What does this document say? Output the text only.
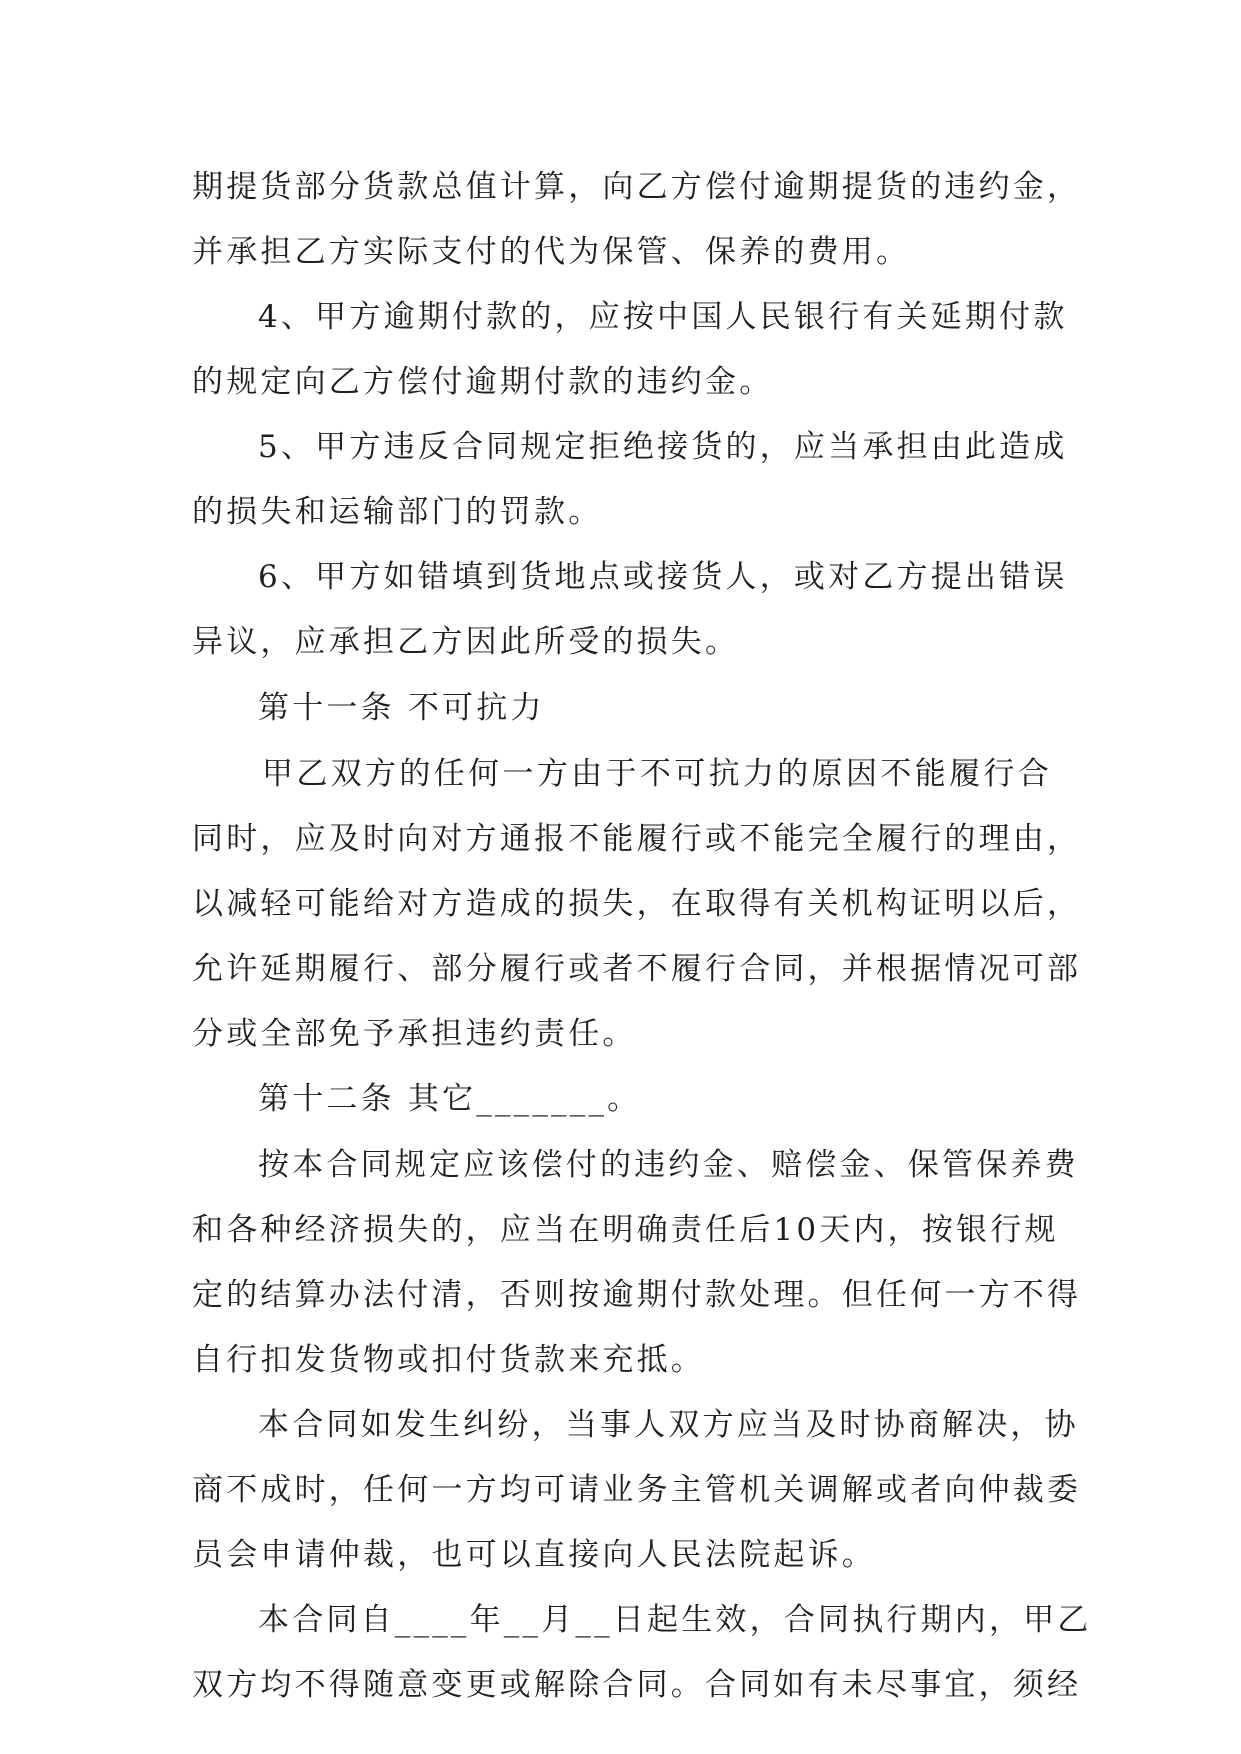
期提货部分货款总值计算，向乙方偿付逾期提货的违约金，

并承担乙方实际支付的代为保管、保养的费用。

4、甲方逾期付款的，应按中国人民银行有关延期付款

的规定向乙方偿付逾期付款的违约金。

5、甲方违反合同规定拒绝接货的，应当承担由此造成

的损失和运输部门的罚款。

6、甲方如错填到货地点或接货人，或对乙方提出错误

异议，应承担乙方因此所受的损失。

第十一条 不可抗力

甲乙双方的任何一方由于不可抗力的原因不能履行合

同时，应及时向对方通报不能履行或不能完全履行的理由，

以减轻可能给对方造成的损失，在取得有关机构证明以后，

允许延期履行、部分履行或者不履行合同，并根据情况可部

分或全部免予承担违约责任。

第十二条 其它_______。

按本合同规定应该偿付的违约金、赔偿金、保管保养费

和各种经济损失的，应当在明确责任后10天内，按银行规

定的结算办法付清，否则按逾期付款处理。但任何一方不得

自行扣发货物或扣付货款来充抵。

本合同如发生纠纷，当事人双方应当及时协商解决，协

商不成时，任何一方均可请业务主管机关调解或者向仲裁委

员会申请仲裁，也可以直接向人民法院起诉。

本合同自____年__月__日起生效，合同执行期内，甲乙

双方均不得随意变更或解除合同。合同如有未尽事宜，须经
